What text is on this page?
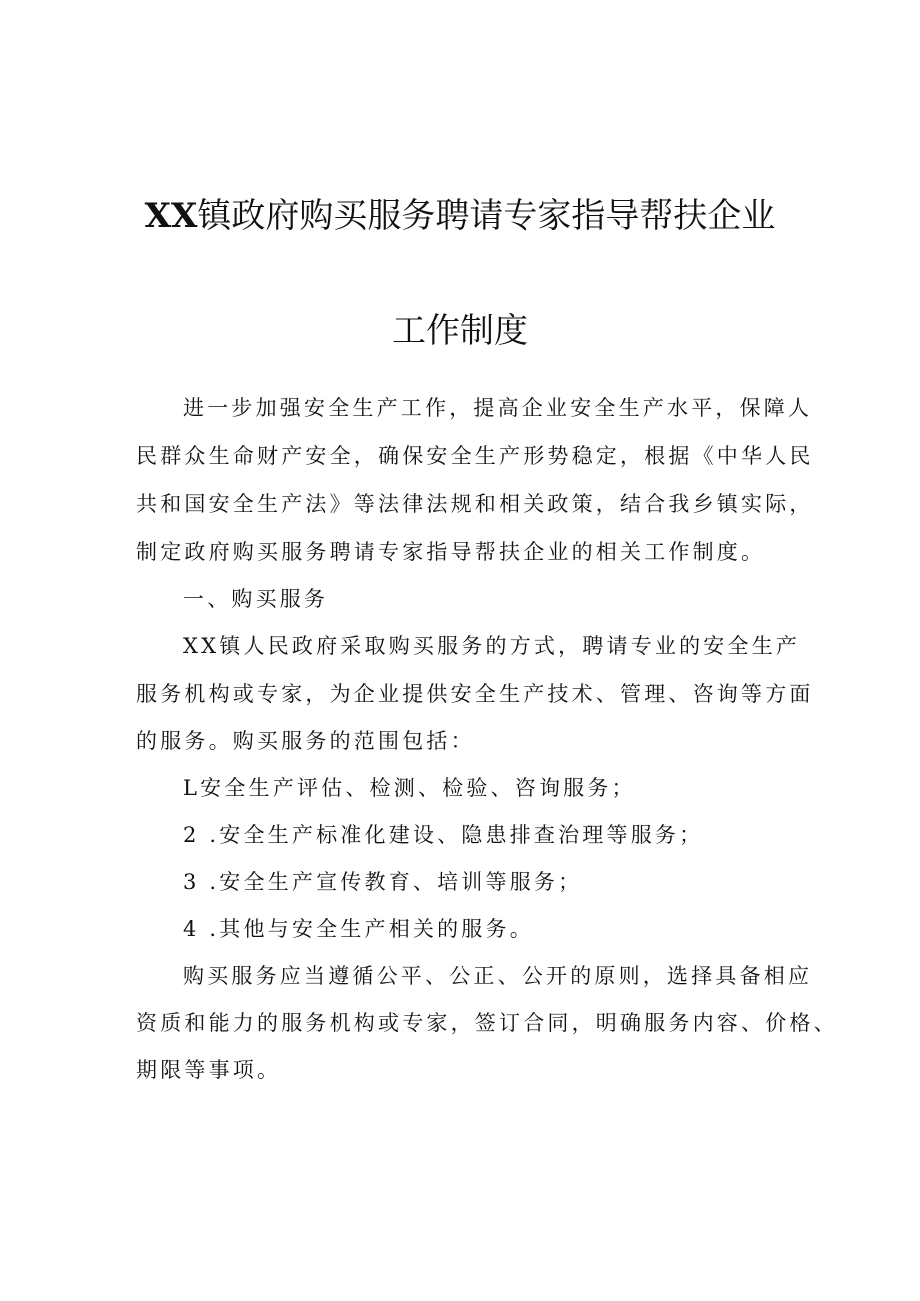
XX镇政府购买服务聘请专家指导帮扶企业
工作制度
进一步加强安全生产工作，提高企业安全生产水平，保障人
民群众生命财产安全，确保安全生产形势稳定，根据《中华人民
共和国安全生产法》等法律法规和相关政策，结合我乡镇实际，
制定政府购买服务聘请专家指导帮扶企业的相关工作制度。
一、购买服务
XX镇人民政府采取购买服务的方式，聘请专业的安全生产
服务机构或专家，为企业提供安全生产技术、管理、咨询等方面
的服务。购买服务的范围包括：
L安全生产评估、检测、检验、咨询服务；
2 .安全生产标准化建设、隐患排查治理等服务；
3 .安全生产宣传教育、培训等服务；
4 .其他与安全生产相关的服务。
购买服务应当遵循公平、公正、公开的原则，选择具备相应
资质和能力的服务机构或专家，签订合同，明确服务内容、价格、
期限等事项。
